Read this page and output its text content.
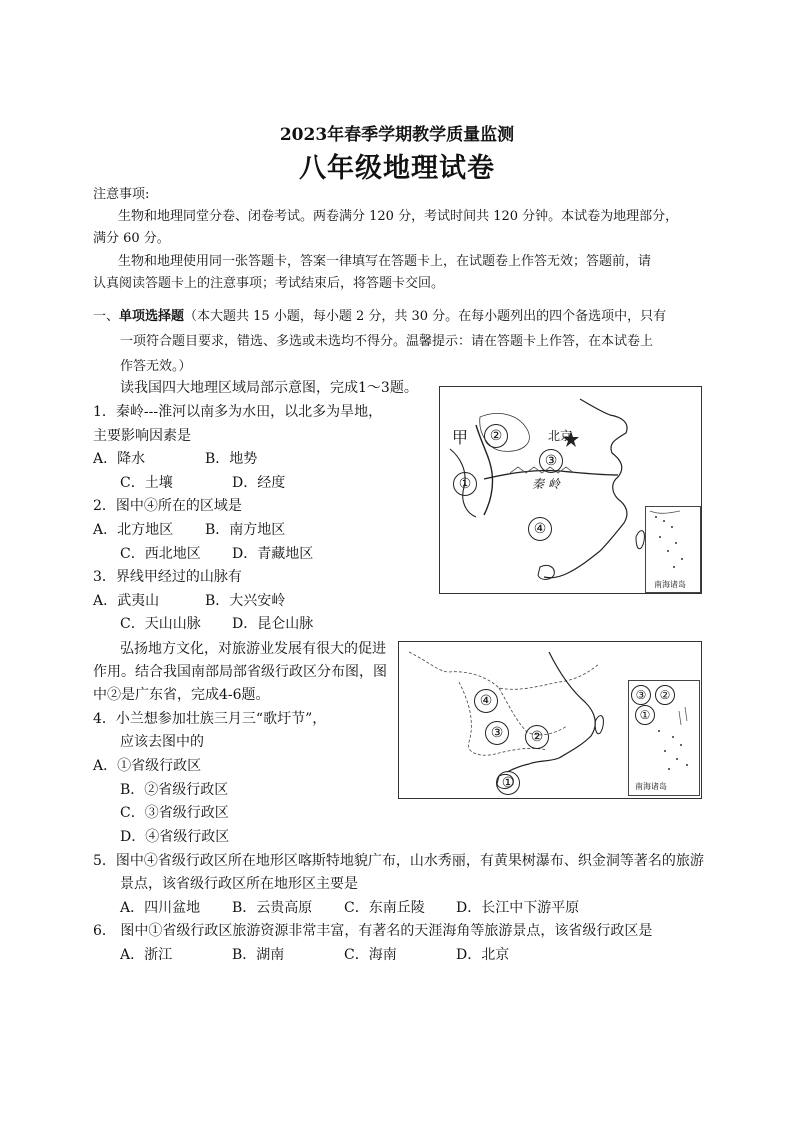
2023年春季学期教学质量监测
八年级地理试卷
注意事项:
生物和地理同堂分卷、闭卷考试。两卷满分 120 分，考试时间共 120 分钟。本试卷为地理部分，
满分 60 分。
生物和地理使用同一张答题卡，答案一律填写在答题卡上，在试题卷上作答无效；答题前，请
认真阅读答题卡上的注意事项；考试结束后，将答题卡交回。
一、单项选择题（本大题共 15 小题，每小题 2 分，共 30 分。在每小题列出的四个备选项中，只有
一项符合题目要求，错选、多选或未选均不得分。温馨提示：请在答题卡上作答，在本试卷上
作答无效。）
读我国四大地理区域局部示意图，完成1～3题。
1．秦岭---淮河以南多为水田，以北多为旱地，
主要影响因素是
A．降水	B．地势
C．土壤	D．经度
2．图中④所在的区域是
A．北方地区 B．南方地区
C．西北地区 D．青藏地区
3．界线甲经过的山脉有
A．武夷山	B．大兴安岭
C．天山山脉 D．昆仑山脉
弘扬地方文化，对旅游业发展有很大的促进
作用。结合我国南部局部省级行政区分布图，图
中②是广东省，完成4-6题。
4．小兰想参加壮族三月三“歌圩节”，
应该去图中的
A．①省级行政区
B．②省级行政区
C．③省级行政区
D．④省级行政区
5．图中④省级行政区所在地形区喀斯特地貌广布，山水秀丽，有黄果树瀑布、织金洞等著名的旅游
景点，该省级行政区所在地形区主要是
A．四川盆地 B．云贵高原 C．东南丘陵 D．长江中下游平原
6． 图中①省级行政区旅游资源非常丰富，有著名的天涯海角等旅游景点，该省级行政区是
A．浙江	B．湖南	C．海南	D．北京
甲	北京
秦 岭
①
②
③
④
南海诸岛
④
③	②
①
③	②
①
南海诸岛
